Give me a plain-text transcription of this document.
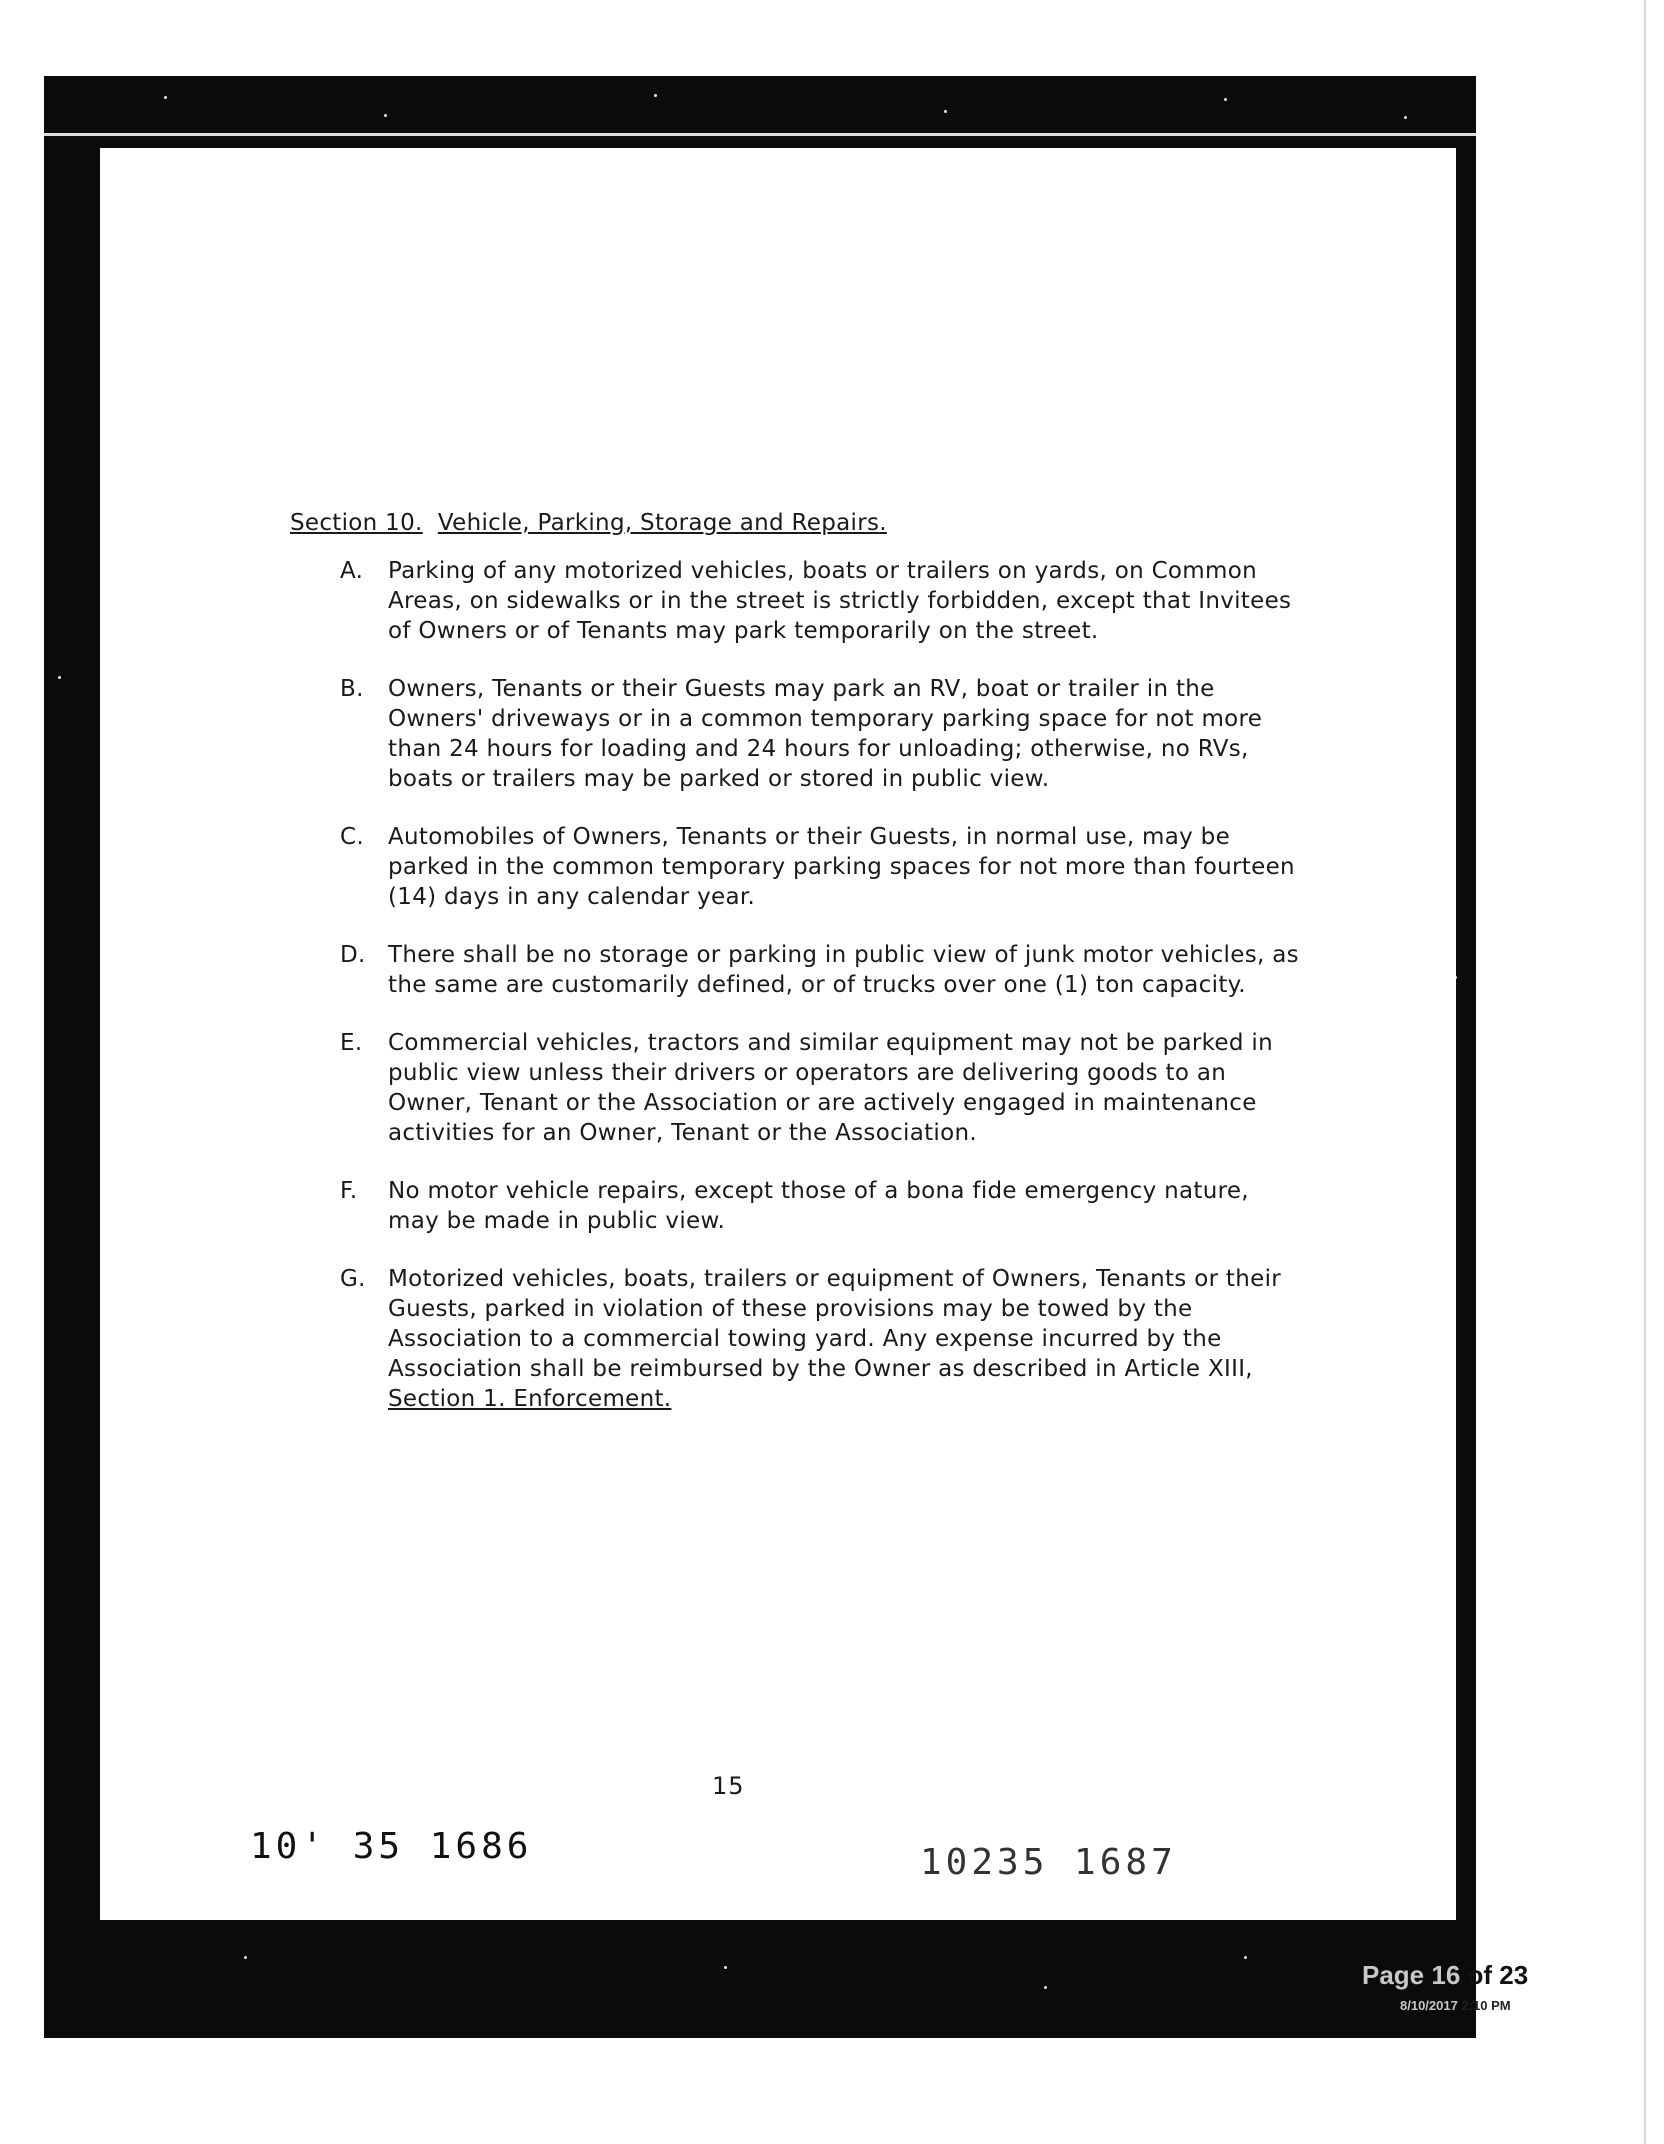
Section 10. Vehicle, Parking, Storage and Repairs.
A.	Parking of any motorized vehicles, boats or trailers on yards, on Common Areas, on sidewalks or in the street is strictly forbidden, except that Invitees of Owners or of Tenants may park temporarily on the street.
B.	Owners, Tenants or their Guests may park an RV, boat or trailer in the Owners' driveways or in a common temporary parking space for not more than 24 hours for loading and 24 hours for unloading; otherwise, no RVs, boats or trailers may be parked or stored in public view.
C.	Automobiles of Owners, Tenants or their Guests, in normal use, may be parked in the common temporary parking spaces for not more than fourteen (14) days in any calendar year.
D. There shall be no storage or parking in public view of junk motor vehicles, as the same are customarily defined, or of trucks over one (1) ton capacity.
E.	Commercial vehicles, tractors and similar equipment may not be parked in public view unless their drivers or operators are delivering goods to an Owner, Tenant or the Association or are actively engaged in maintenance activities for an Owner, Tenant or the Association.
F.	No motor vehicle repairs, except those of a bona fide emergency nature, may be made in public view.
G. Motorized vehicles, boats, trailers or equipment of Owners, Tenants or their Guests, parked in violation of these provisions may be towed by the Association to a commercial towing yard. Any expense incurred by the Association shall be reimbursed by the Owner as described in Article XIII,
Section 1. Enforcement.
15
10' 35 1686	10235 1687
Page 16 of 23
8/10/2017 2:10 PM
